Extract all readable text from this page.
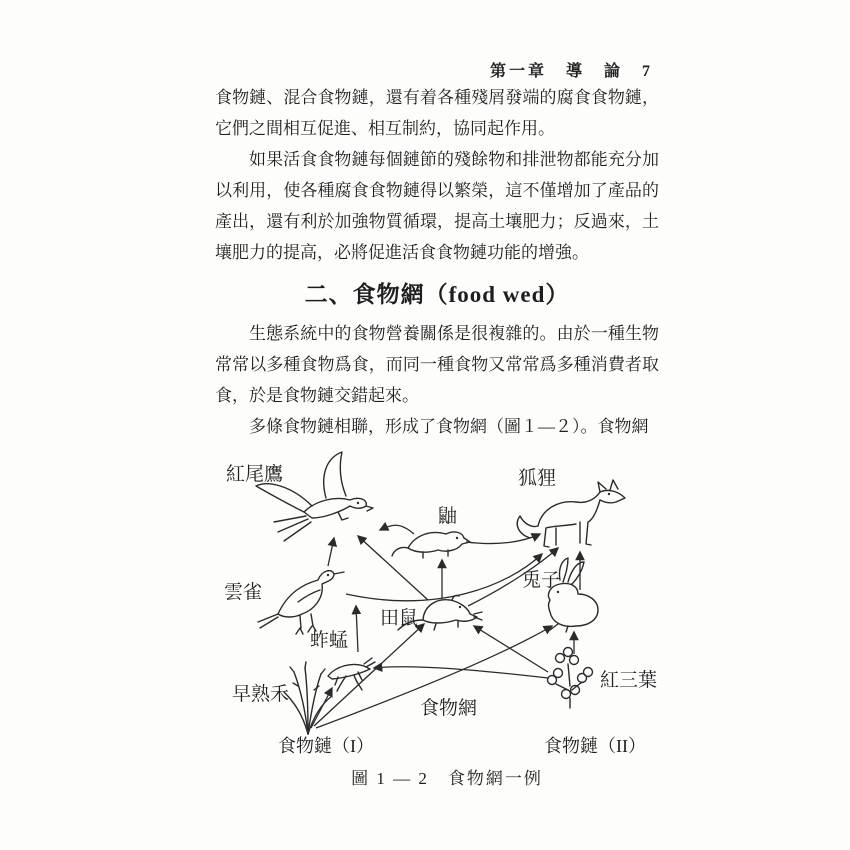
第一章　導　論　7

食物鏈、混合食物鏈，還有着各種殘屑發端的腐食食物鏈，它們之間相互促進、相互制約，協同起作用。

如果活食食物鏈每個鏈節的殘餘物和排泄物都能充分加以利用，使各種腐食食物鏈得以繁榮，這不僅增加了產品的產出，還有利於加強物質循環，提高土壤肥力；反過來，土壤肥力的提高，必將促進活食食物鏈功能的增強。

二、食物網（food wed）

生態系統中的食物營養關係是很複雜的。由於一種生物常常以多種食物爲食，而同一種食物又常常爲多種消費者取食，於是食物鏈交錯起來。

多條食物鏈相聯，形成了食物網（圖１—２）。食物網

紅尾鷹	狐狸
鼬
雲雀
兎子
田鼠
蚱蜢
早熟禾
紅三葉
食物網
食物鏈（I）	食物鏈（II）
圖 1 — 2　食物網一例
